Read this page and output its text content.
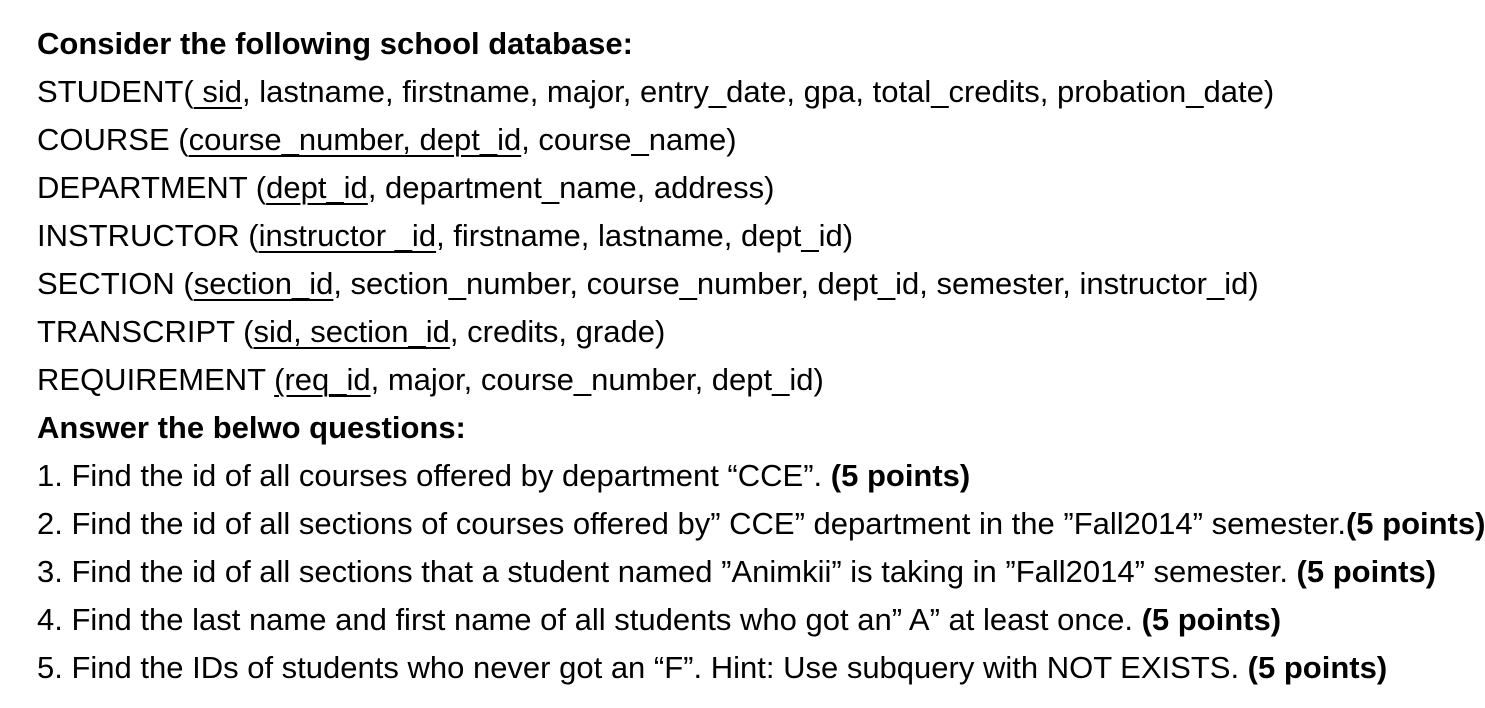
Consider the following school database:
STUDENT( sid, lastname, firstname, major, entry_date, gpa, total_credits, probation_date)
COURSE (course_number, dept_id, course_name)
DEPARTMENT (dept_id, department_name, address)
INSTRUCTOR (instructor _id, firstname, lastname, dept_id)
SECTION (section_id, section_number, course_number, dept_id, semester, instructor_id)
TRANSCRIPT (sid, section_id, credits, grade)
REQUIREMENT (req_id, major, course_number, dept_id)
Answer the belwo questions:
1. Find the id of all courses offered by department “CCE”. (5 points)
2. Find the id of all sections of courses offered by” CCE” department in the ”Fall2014” semester.(5 points)
3. Find the id of all sections that a student named ”Animkii” is taking in ”Fall2014” semester. (5 points)
4. Find the last name and first name of all students who got an” A” at least once. (5 points)
5. Find the IDs of students who never got an “F”. Hint: Use subquery with NOT EXISTS. (5 points)
